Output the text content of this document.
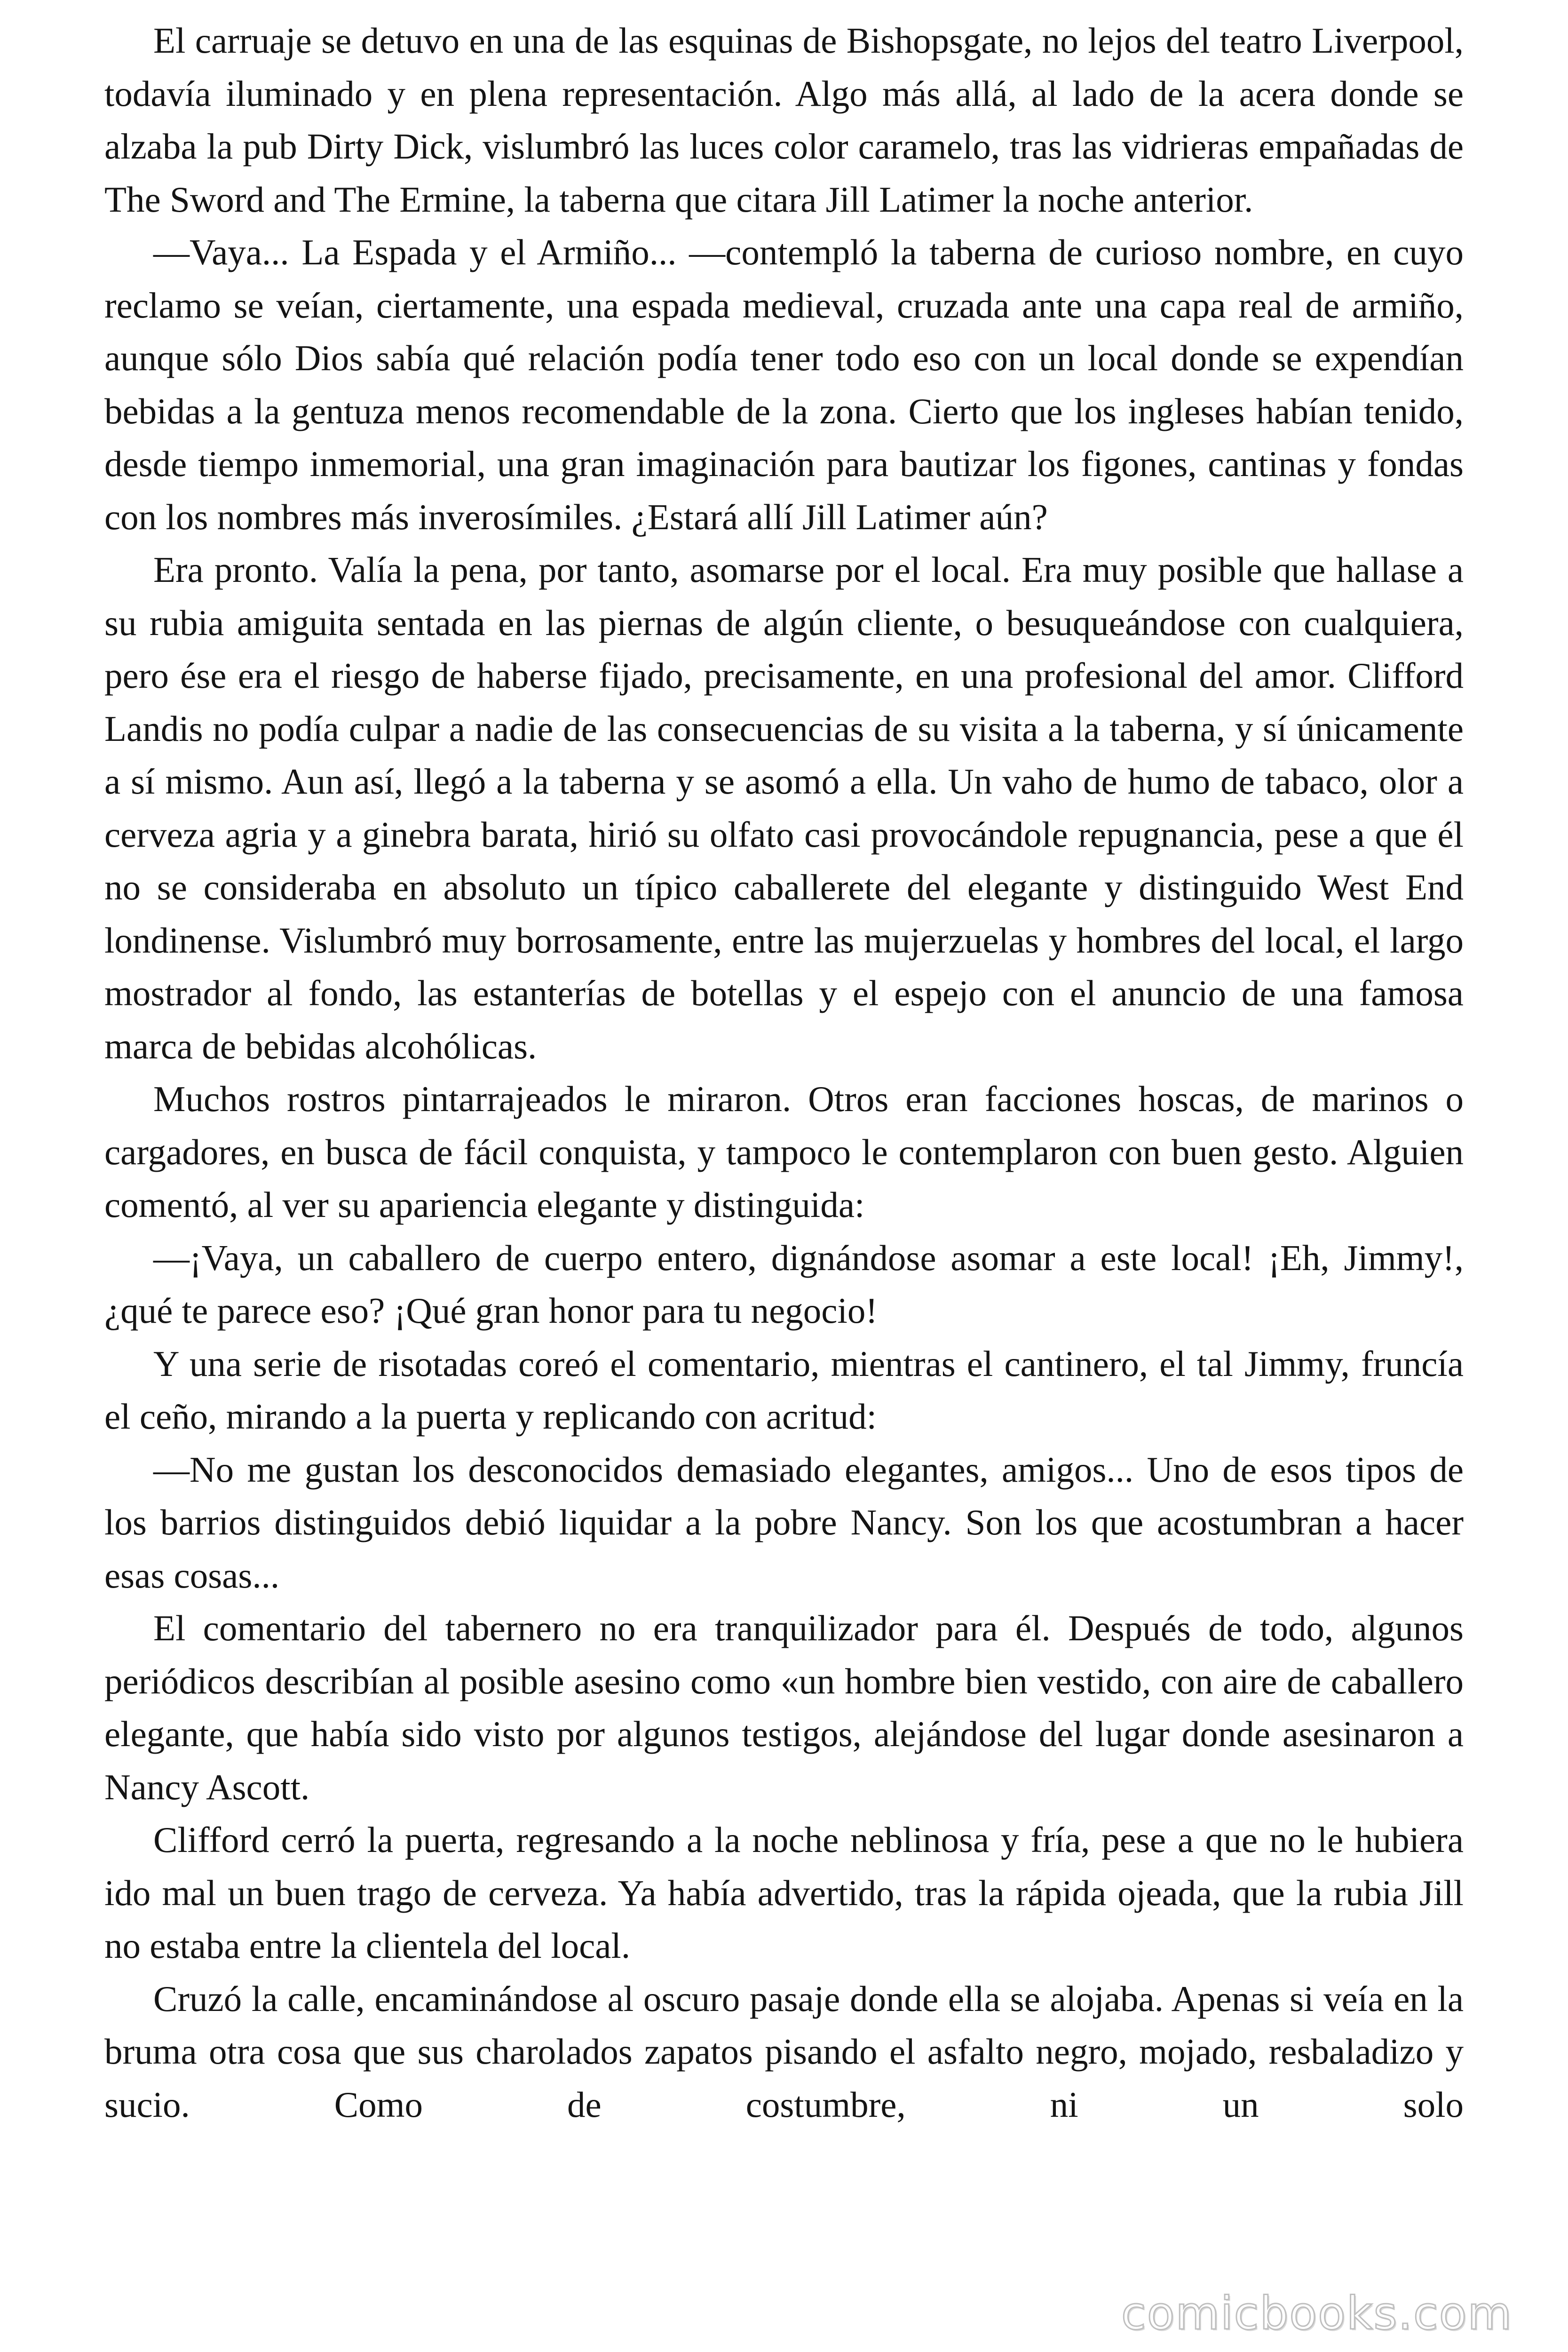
El carruaje se detuvo en una de las esquinas de Bishopsgate, no lejos del teatro Liverpool, todavía iluminado y en plena representación. Algo más allá, al lado de la acera donde se alzaba la pub Dirty Dick, vislumbró las luces color caramelo, tras las vidrieras empañadas de The Sword and The Ermine, la taberna que citara Jill Latimer la noche anterior.

—Vaya... La Espada y el Armiño... —contempló la taberna de curioso nombre, en cuyo reclamo se veían, ciertamente, una espada medieval, cruzada ante una capa real de armiño, aunque sólo Dios sabía qué relación podía tener todo eso con un local donde se expendían bebidas a la gentuza menos recomendable de la zona. Cierto que los ingleses habían tenido, desde tiempo inmemorial, una gran imaginación para bautizar los figones, cantinas y fondas con los nombres más inverosímiles. ¿Estará allí Jill Latimer aún?

Era pronto. Valía la pena, por tanto, asomarse por el local. Era muy posible que hallase a su rubia amiguita sentada en las piernas de algún cliente, o besuqueándose con cualquiera, pero ése era el riesgo de haberse fijado, precisamente, en una profesional del amor. Clifford Landis no podía culpar a nadie de las consecuencias de su visita a la taberna, y sí únicamente a sí mismo. Aun así, llegó a la taberna y se asomó a ella. Un vaho de humo de tabaco, olor a cerveza agria y a ginebra barata, hirió su olfato casi provocándole repugnancia, pese a que él no se consideraba en absoluto un típico caballerete del elegante y distinguido West End londinense. Vislumbró muy borrosamente, entre las mujerzuelas y hombres del local, el largo mostrador al fondo, las estanterías de botellas y el espejo con el anuncio de una famosa marca de bebidas alcohólicas.

Muchos rostros pintarrajeados le miraron. Otros eran facciones hoscas, de marinos o cargadores, en busca de fácil conquista, y tampoco le contemplaron con buen gesto. Alguien comentó, al ver su apariencia elegante y distinguida:

—¡Vaya, un caballero de cuerpo entero, dignándose asomar a este local! ¡Eh, Jimmy!, ¿qué te parece eso? ¡Qué gran honor para tu negocio!

Y una serie de risotadas coreó el comentario, mientras el cantinero, el tal Jimmy, fruncía el ceño, mirando a la puerta y replicando con acritud:

—No me gustan los desconocidos demasiado elegantes, amigos... Uno de esos tipos de los barrios distinguidos debió liquidar a la pobre Nancy. Son los que acostumbran a hacer esas cosas...

El comentario del tabernero no era tranquilizador para él. Después de todo, algunos periódicos describían al posible asesino como «un hombre bien vestido, con aire de caballero elegante, que había sido visto por algunos testigos, alejándose del lugar donde asesinaron a Nancy Ascott.

Clifford cerró la puerta, regresando a la noche neblinosa y fría, pese a que no le hubiera ido mal un buen trago de cerveza. Ya había advertido, tras la rápida ojeada, que la rubia Jill no estaba entre la clientela del local.

Cruzó la calle, encaminándose al oscuro pasaje donde ella se alojaba. Apenas si veía en la bruma otra cosa que sus charolados zapatos pisando el asfalto negro, mojado, resbaladizo y sucio. Como de costumbre, ni un solo

comicbooks.com
